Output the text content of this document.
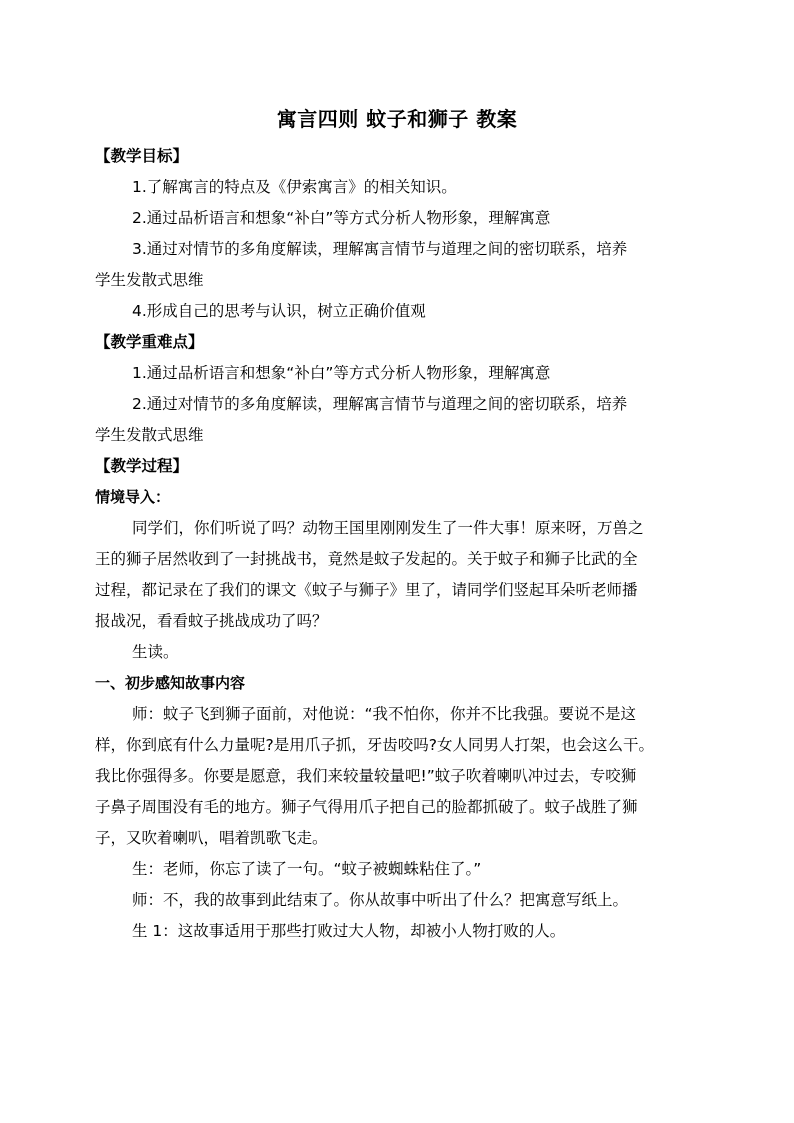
寓言四则 蚊子和狮子 教案
【教学目标】
1.了解寓言的特点及《伊索寓言》的相关知识。
2.通过品析语言和想象“补白”等方式分析人物形象，理解寓意
3.通过对情节的多角度解读，理解寓言情节与道理之间的密切联系，培养
学生发散式思维
4.形成自己的思考与认识，树立正确价值观
【教学重难点】
1.通过品析语言和想象“补白”等方式分析人物形象，理解寓意
2.通过对情节的多角度解读，理解寓言情节与道理之间的密切联系，培养
学生发散式思维
【教学过程】
情境导入：
同学们，你们听说了吗？动物王国里刚刚发生了一件大事！原来呀，万兽之
王的狮子居然收到了一封挑战书，竟然是蚊子发起的。关于蚊子和狮子比武的全
过程，都记录在了我们的课文《蚊子与狮子》里了，请同学们竖起耳朵听老师播
报战况，看看蚊子挑战成功了吗？
生读。
一、初步感知故事内容
师：蚊子飞到狮子面前，对他说：“我不怕你，你并不比我强。要说不是这
样，你到底有什么力量呢?是用爪子抓，牙齿咬吗?女人同男人打架，也会这么干。
我比你强得多。你要是愿意，我们来较量较量吧!”蚊子吹着喇叭冲过去，专咬狮
子鼻子周围没有毛的地方。狮子气得用爪子把自己的脸都抓破了。蚊子战胜了狮
子，又吹着喇叭，唱着凯歌飞走。
生：老师，你忘了读了一句。“蚊子被蜘蛛粘住了。”
师：不，我的故事到此结束了。你从故事中听出了什么？把寓意写纸上。
生 1：这故事适用于那些打败过大人物，却被小人物打败的人。
